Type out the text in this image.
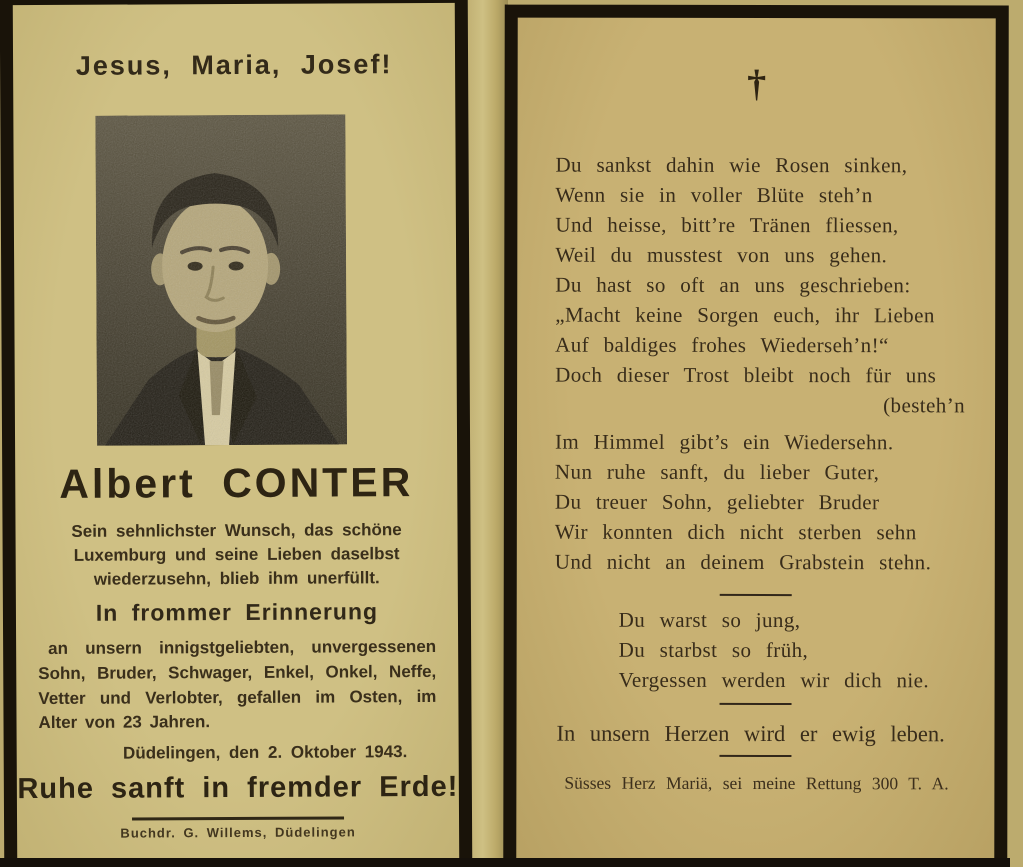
Jesus, Maria, Josef!
Albert CONTER
Sein sehnlichster Wunsch, das schöne Luxemburg und seine Lieben daselbst wiederzusehn, blieb ihm unerfüllt.
In frommer Erinnerung
an unsern innigstgeliebten, unvergessenen Sohn, Bruder, Schwager, Enkel, Onkel, Neffe, Vetter und Verlobter, gefallen im Osten, im Alter von 23 Jahren.
Düdelingen, den 2. Oktober 1943.
Ruhe sanft in fremder Erde!
Buchdr. G. Willems, Düdelingen
†
Du sankst dahin wie Rosen sinken,
Wenn sie in voller Blüte steh’n
Und heisse, bitt’re Tränen fliessen,
Weil du musstest von uns gehen.
Du hast so oft an uns geschrieben:
„Macht keine Sorgen euch, ihr Lieben
Auf baldiges frohes Wiederseh’n!“
Doch dieser Trost bleibt noch für uns
(besteh’n
Im Himmel gibt’s ein Wiedersehn.
Nun ruhe sanft, du lieber Guter,
Du treuer Sohn, geliebter Bruder
Wir konnten dich nicht sterben sehn
Und nicht an deinem Grabstein stehn.
Du warst so jung,
Du starbst so früh,
Vergessen werden wir dich nie.
In unsern Herzen wird er ewig leben.
Süsses Herz Mariä, sei meine Rettung 300 T. A.
